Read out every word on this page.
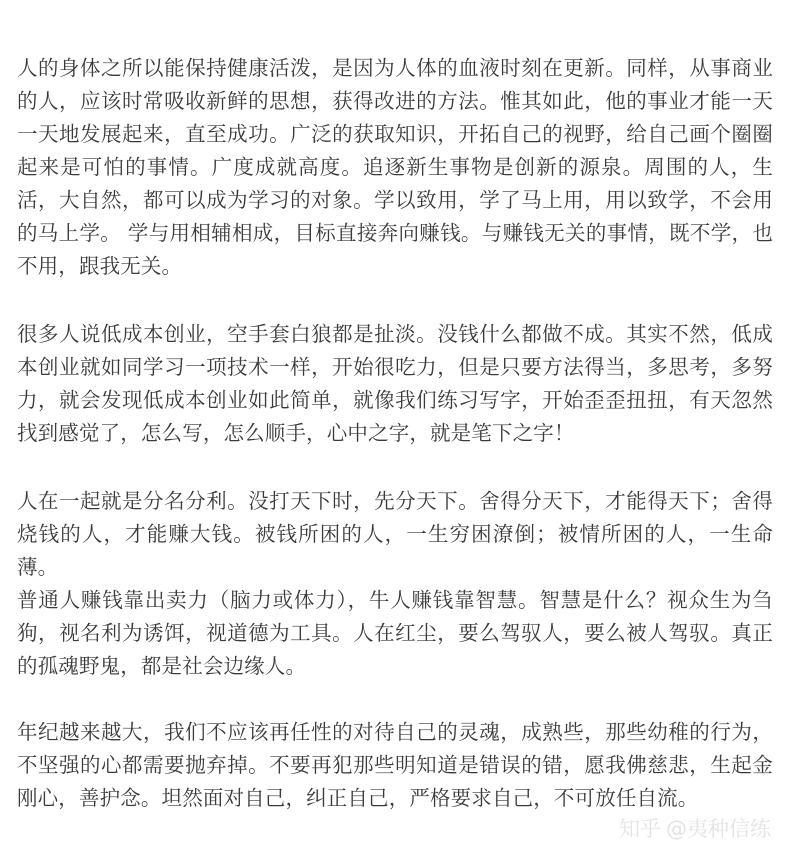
人的身体之所以能保持健康活泼，是因为人体的血液时刻在更新。同样，从事商业的人，应该时常吸收新鲜的思想，获得改进的方法。惟其如此，他的事业才能一天一天地发展起来，直至成功。广泛的获取知识，开拓自己的视野，给自己画个圈圈起来是可怕的事情。广度成就高度。追逐新生事物是创新的源泉。周围的人，生活，大自然，都可以成为学习的对象。学以致用，学了马上用，用以致学，不会用的马上学。 学与用相辅相成，目标直接奔向赚钱。与赚钱无关的事情，既不学，也不用，跟我无关。

很多人说低成本创业，空手套白狼都是扯淡。没钱什么都做不成。其实不然，低成本创业就如同学习一项技术一样，开始很吃力，但是只要方法得当，多思考，多努力，就会发现低成本创业如此简单，就像我们练习写字，开始歪歪扭扭，有天忽然找到感觉了，怎么写，怎么顺手，心中之字，就是笔下之字！

人在一起就是分名分利。没打天下时，先分天下。舍得分天下，才能得天下；舍得烧钱的人，才能赚大钱。被钱所困的人，一生穷困潦倒；被情所困的人，一生命薄。

普通人赚钱靠出卖力（脑力或体力），牛人赚钱靠智慧。智慧是什么？视众生为刍狗，视名利为诱饵，视道德为工具。人在红尘，要么驾驭人，要么被人驾驭。真正的孤魂野鬼，都是社会边缘人。

年纪越来越大，我们不应该再任性的对待自己的灵魂，成熟些，那些幼稚的行为，不坚强的心都需要抛弃掉。不要再犯那些明知道是错误的错，愿我佛慈悲，生起金刚心，善护念。坦然面对自己，纠正自己，严格要求自己，不可放任自流。

知乎 @夷种信练
